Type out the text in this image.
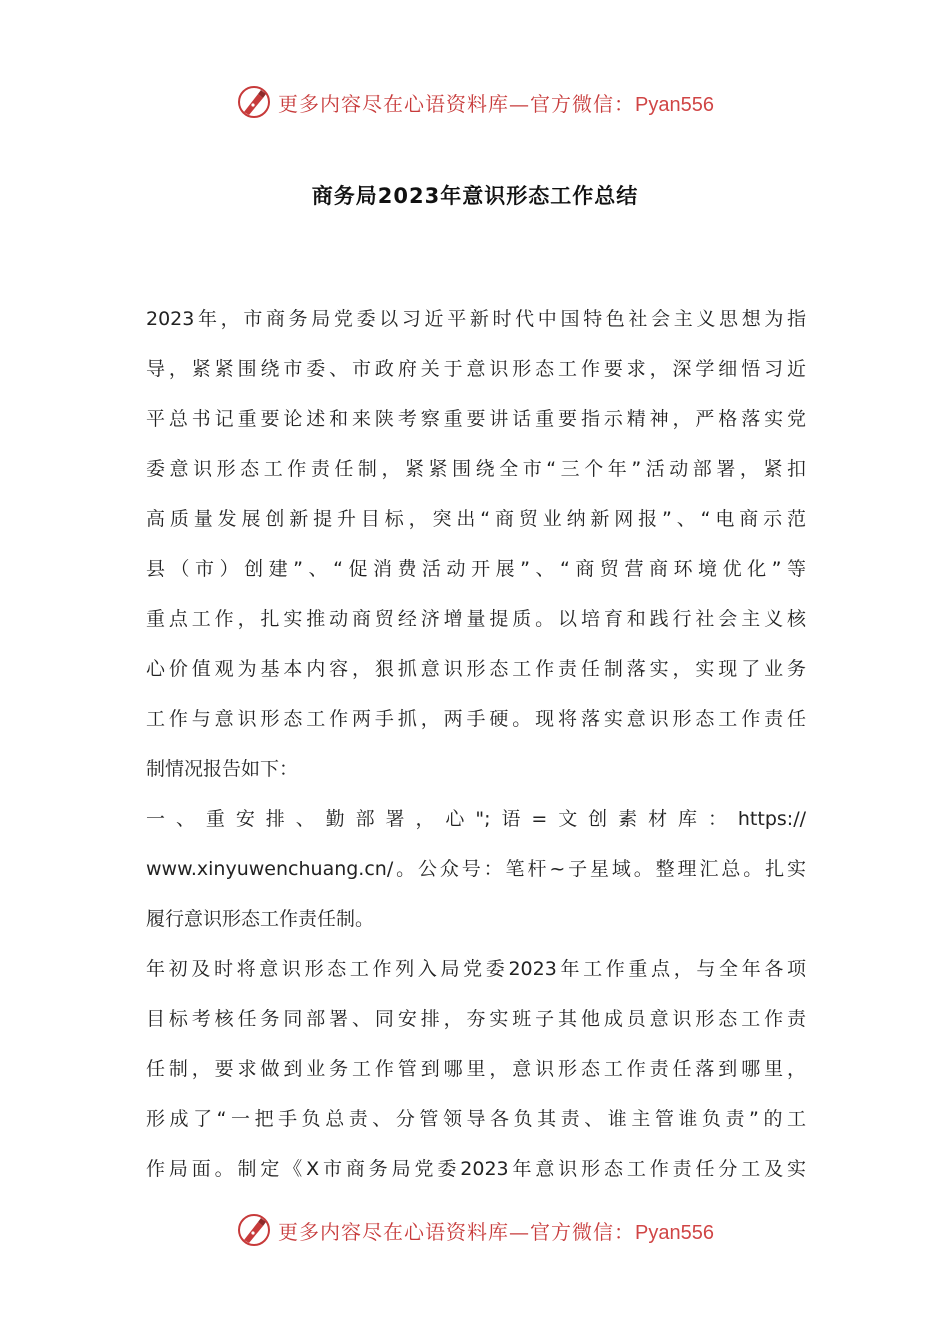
更多内容尽在心语资料库—官方微信：Pyan556
商务局2023年意识形态工作总结
2023年，市商务局党委以习近平新时代中国特色社会主义思想为指
导，紧紧围绕市委、市政府关于意识形态工作要求，深学细悟习近
平总书记重要论述和来陕考察重要讲话重要指示精神，严格落实党
委意识形态工作责任制，紧紧围绕全市“三个年”活动部署，紧扣
高质量发展创新提升目标，突出“商贸业纳新网报”、“电商示范
县（市）创建”、“促消费活动开展”、“商贸营商环境优化”等
重点工作，扎实推动商贸经济增量提质。以培育和践行社会主义核
心价值观为基本内容，狠抓意识形态工作责任制落实，实现了业务
工作与意识形态工作两手抓，两手硬。现将落实意识形态工作责任
制情况报告如下：
一、重安排、勤部署，心";语=文创素材库：https://
www.xinyuwenchuang.cn/。公众号：笔杆~子星域。整理汇总。扎实
履行意识形态工作责任制。
年初及时将意识形态工作列入局党委2023年工作重点，与全年各项
目标考核任务同部署、同安排，夯实班子其他成员意识形态工作责
任制，要求做到业务工作管到哪里，意识形态工作责任落到哪里，
形成了“一把手负总责、分管领导各负其责、谁主管谁负责”的工
作局面。制定《X市商务局党委2023年意识形态工作责任分工及实
更多内容尽在心语资料库—官方微信：Pyan556
